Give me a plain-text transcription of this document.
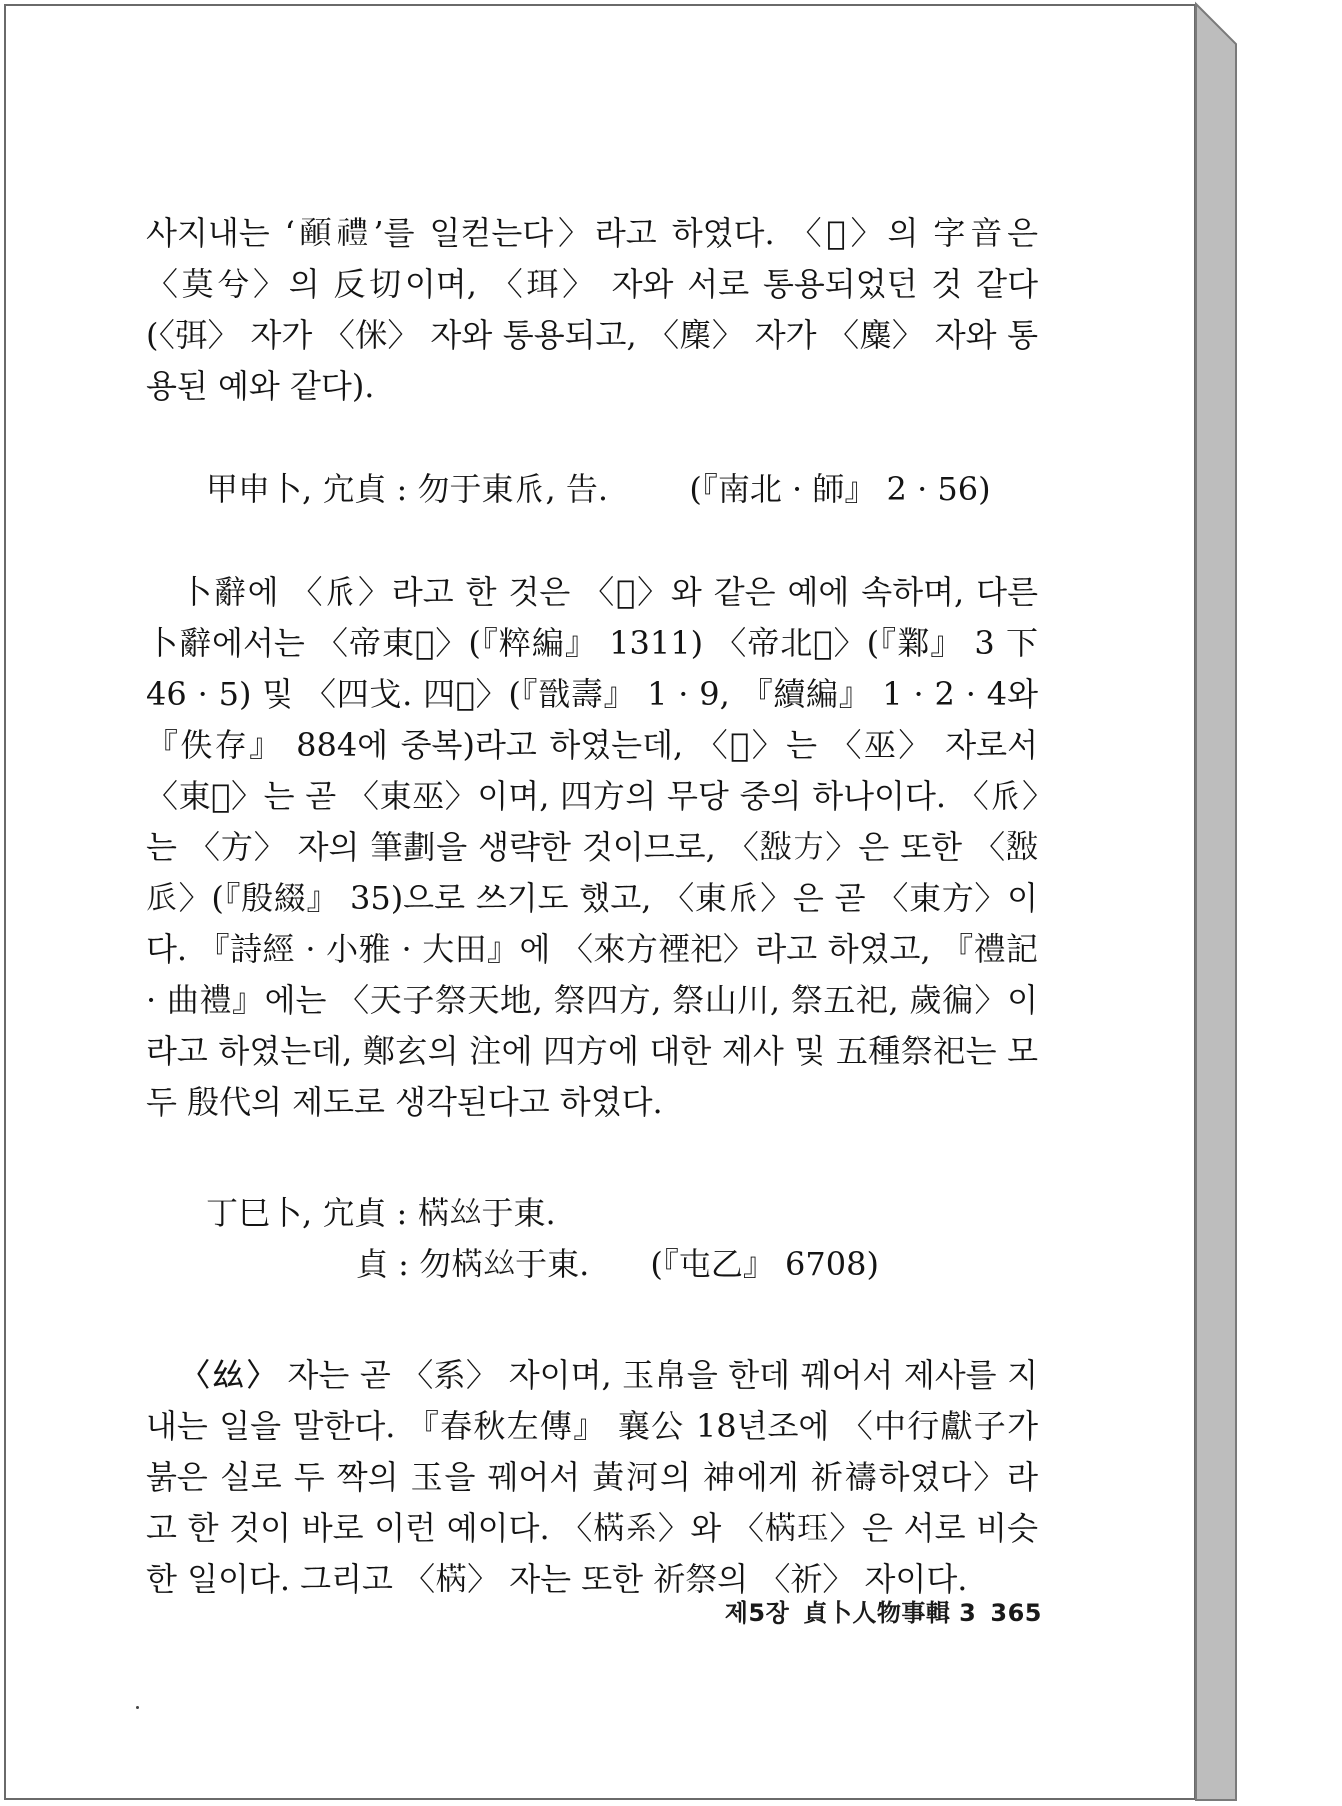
사지내는 ‘𩔞禮’를 일컫는다〉라고 하였다. 〈𡇯〉의 字音은 〈莫兮〉의 反切이며, 〈珥〉 자와 서로 통용되었던 것 같다 (〈弭〉 자가 〈侎〉 자와 통용되고, 〈䴢〉 자가 〈麋〉 자와 통용된 예와 같다).

甲申卜, 宂貞 : 勿于東𠂢, 告.	(『南北 · 師』 2 · 56)

卜辭에 〈𠂢〉라고 한 것은 〈𠇃〉와 같은 예에 속하며, 다른 卜辭에서는 〈帝東𠇃〉(『粹編』 1311) 〈帝北𠇃〉(『鄴』 3 下 46 · 5) 및 〈四戈. 四𠇃〉(『戩壽』 1 · 9, 『續編』 1 · 2 · 4와 『佚存』 884에 중복)라고 하였는데, 〈𠇃〉는 〈巫〉 자로서 〈東𠇃〉는 곧 〈東巫〉이며, 四方의 무당 중의 하나이다. 〈𠂢〉는 〈方〉 자의 筆劃을 생략한 것이므로, 〈𢿚方〉은 또한 〈𢿚𠂢〉(『殷綴』 35)으로 쓰기도 했고, 〈東𠂢〉은 곧 〈東方〉이다. 『詩經 · 小雅 · 大田』에 〈來方禋祀〉라고 하였고, 『禮記 · 曲禮』에는 〈天子祭天地, 祭四方, 祭山川, 祭五祀, 歲徧〉이라고 하였는데, 鄭玄의 注에 四方에 대한 제사 및 五種祭祀는 모두 殷代의 제도로 생각된다고 하였다.

丁巳卜, 宂貞 : 𣓃𢆶于東.

貞 : 勿𣓃𢆶于東. (『屯乙』 6708)

〈𢆶〉 자는 곧 〈系〉 자이며, 玉帛을 한데 꿰어서 제사를 지내는 일을 말한다. 『春秋左傳』 襄公 18년조에 〈中行獻子가 붉은 실로 두 짝의 玉을 꿰어서 黃河의 神에게 祈禱하였다〉라고 한 것이 바로 이런 예이다. 〈𣓃系〉와 〈𣓃珏〉은 서로 비슷한 일이다. 그리고 〈𣓃〉 자는 또한 祈祭의 〈祈〉 자이다.

제5장 貞卜人物事輯 3 365
